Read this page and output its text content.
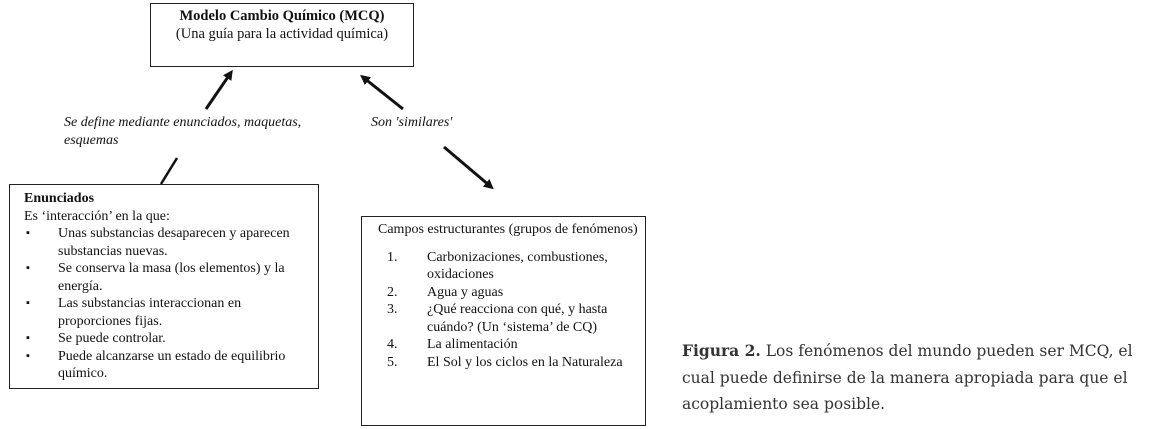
Modelo Cambio Químico (MCQ)
(Una guía para la actividad química)
Se define mediante enunciados, maquetas, esquemas
Son 'similares'
Enunciados
Es ‘interacción’ en la que:
▪ Unas substancias desaparecen y aparecen substancias nuevas.
▪ Se conserva la masa (los elementos) y la energía.
▪ Las substancias interaccionan en proporciones fijas.
▪ Se puede controlar.
▪ Puede alcanzarse un estado de equilibrio químico.
Campos estructurantes (grupos de fenómenos)
1. Carbonizaciones, combustiones, oxidaciones
2. Agua y aguas
3. ¿Qué reacciona con qué, y hasta cuándo? (Un ‘sistema’ de CQ)
4. La alimentación
5. El Sol y los ciclos en la Naturaleza
Figura 2. Los fenómenos del mundo pueden ser MCQ, el cual puede definirse de la manera apropiada para que el acoplamiento sea posible.
